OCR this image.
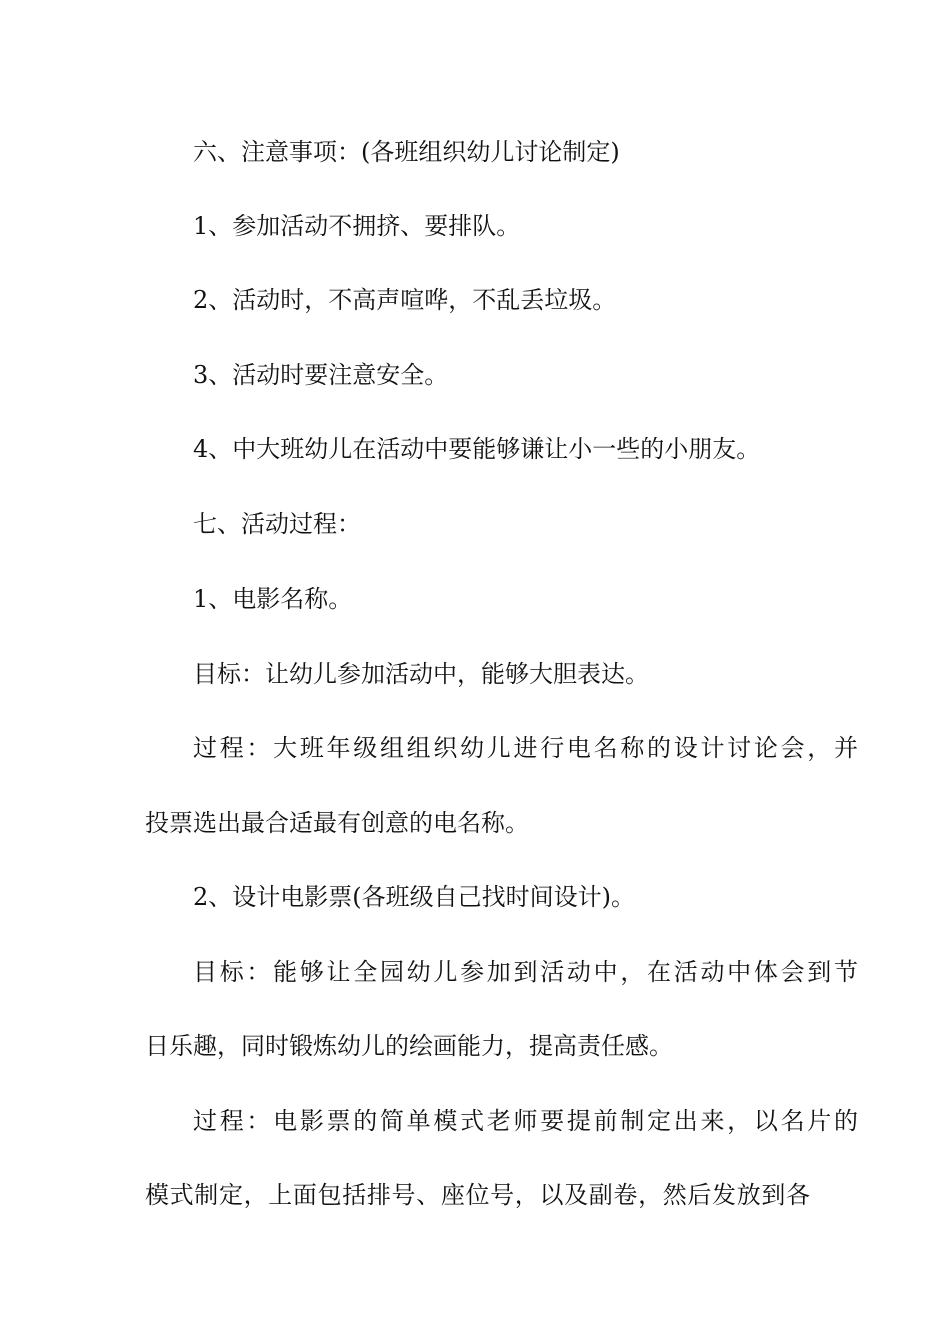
六、注意事项：(各班组织幼儿讨论制定)
1、参加活动不拥挤、要排队。
2、活动时，不高声喧哗，不乱丢垃圾。
3、活动时要注意安全。
4、中大班幼儿在活动中要能够谦让小一些的小朋友。
七、活动过程：
1、电影名称。
目标：让幼儿参加活动中，能够大胆表达。
过程：大班年级组组织幼儿进行电名称的设计讨论会，并
投票选出最合适最有创意的电名称。
2、设计电影票(各班级自己找时间设计)。
目标：能够让全园幼儿参加到活动中，在活动中体会到节
日乐趣，同时锻炼幼儿的绘画能力，提高责任感。
过程：电影票的简单模式老师要提前制定出来，以名片的
模式制定，上面包括排号、座位号，以及副卷，然后发放到各
